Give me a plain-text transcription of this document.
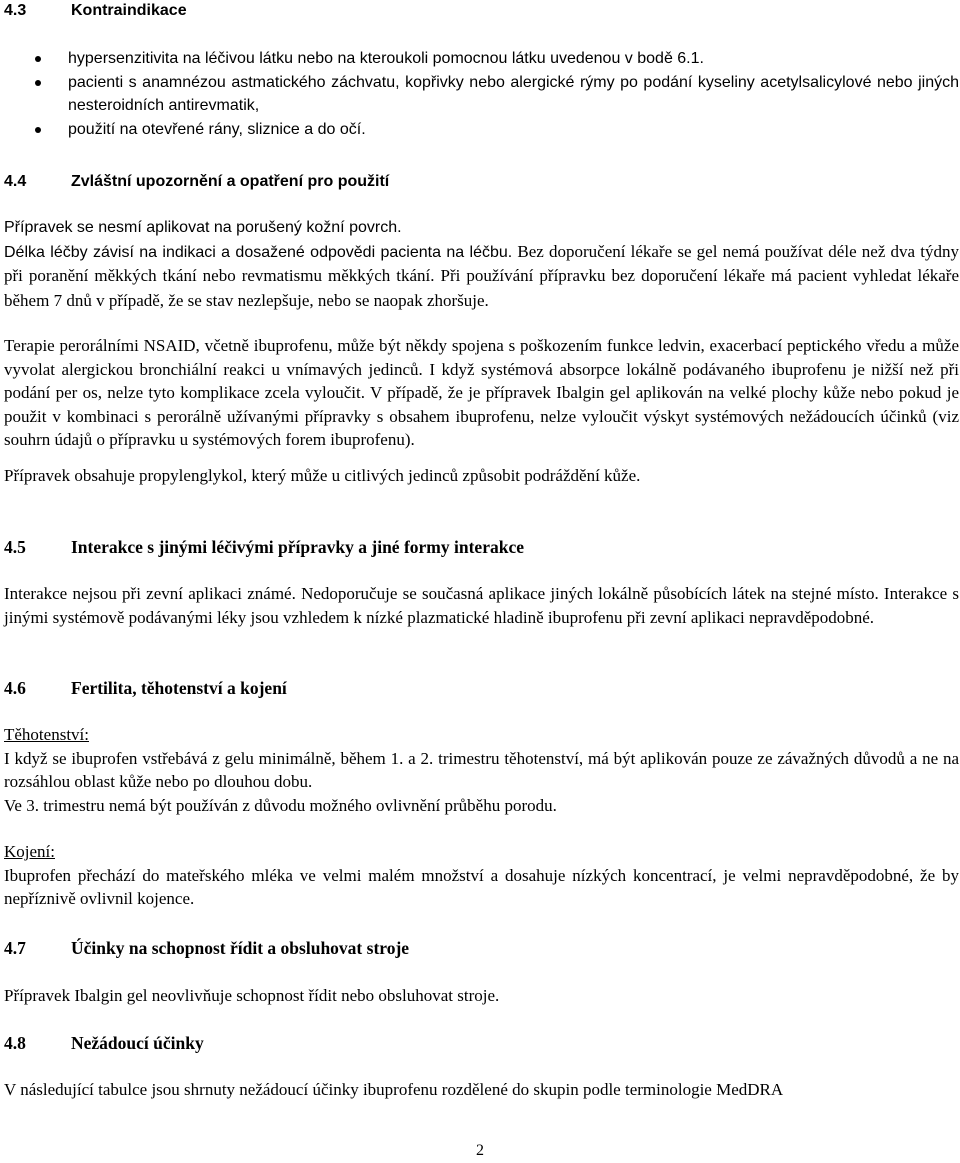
4.3	Kontraindikace
hypersenzitivita na léčivou látku nebo na kteroukoli pomocnou látku uvedenou v bodě 6.1.
pacienti s anamnézou astmatického záchvatu, kopřivky nebo alergické rýmy po podání kyseliny acetylsalicylové nebo jiných nesteroidních antirevmatik,
použití na otevřené rány, sliznice a do očí.
4.4	Zvláštní upozornění a opatření pro použití

Přípravek se nesmí aplikovat na porušený kožní povrch.

Délka léčby závisí na indikaci a dosažené odpovědi pacienta na léčbu. Bez doporučení lékaře se gel nemá používat déle než dva týdny při poranění měkkých tkání nebo revmatismu měkkých tkání. Při používání přípravku bez doporučení lékaře má pacient vyhledat lékaře během 7 dnů v případě, že se stav nezlepšuje, nebo se naopak zhoršuje.

Terapie perorálními NSAID, včetně ibuprofenu, může být někdy spojena s poškozením funkce ledvin, exacerbací peptického vředu a může vyvolat alergickou bronchiální reakci u vnímavých jedinců. I když systémová absorpce lokálně podávaného ibuprofenu je nižší než při podání per os, nelze tyto komplikace zcela vyloučit. V případě, že je přípravek Ibalgin gel aplikován na velké plochy kůže nebo pokud je použit v kombinaci s perorálně užívanými přípravky s obsahem ibuprofenu, nelze vyloučit výskyt systémových nežádoucích účinků (viz souhrn údajů o přípravku u systémových forem ibuprofenu).

Přípravek obsahuje propylenglykol, který může u citlivých jedinců způsobit podráždění kůže.

4.5	Interakce s jinými léčivými přípravky a jiné formy interakce

Interakce nejsou při zevní aplikaci známé. Nedoporučuje se současná aplikace jiných lokálně působících látek na stejné místo. Interakce s jinými systémově podávanými léky jsou vzhledem k nízké plazmatické hladině ibuprofenu při zevní aplikaci nepravděpodobné.

4.6	Fertilita, těhotenství a kojení

Těhotenství:

I když se ibuprofen vstřebává z gelu minimálně, během 1. a 2. trimestru těhotenství, má být aplikován pouze ze závažných důvodů a ne na rozsáhlou oblast kůže nebo po dlouhou dobu.

Ve 3. trimestru nemá být používán z důvodu možného ovlivnění průběhu porodu.

Kojení:

Ibuprofen přechází do mateřského mléka ve velmi malém množství a dosahuje nízkých koncentrací, je velmi nepravděpodobné, že by nepříznivě ovlivnil kojence.

4.7	Účinky na schopnost řídit a obsluhovat stroje

Přípravek Ibalgin gel neovlivňuje schopnost řídit nebo obsluhovat stroje.

4.8	Nežádoucí účinky

V následující tabulce jsou shrnuty nežádoucí účinky ibuprofenu rozdělené do skupin podle terminologie MedDRA

2
